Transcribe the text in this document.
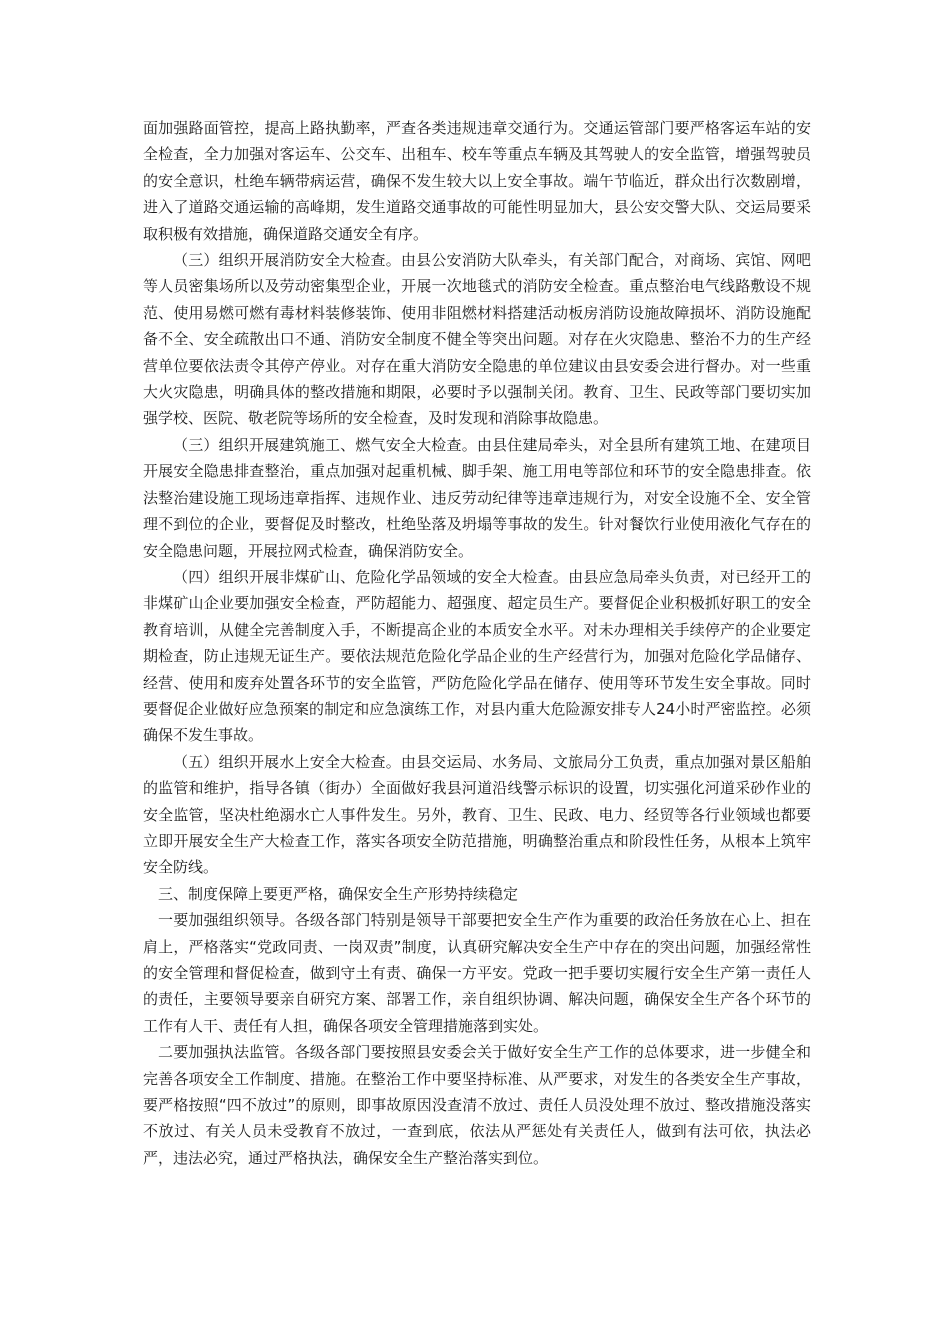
面加强路面管控，提高上路执勤率，严查各类违规违章交通行为。交通运管部门要严格客运车站的安全检查，全力加强对客运车、公交车、出租车、校车等重点车辆及其驾驶人的安全监管，增强驾驶员的安全意识，杜绝车辆带病运营，确保不发生较大以上安全事故。端午节临近，群众出行次数剧增，进入了道路交通运输的高峰期，发生道路交通事故的可能性明显加大，县公安交警大队、交运局要采取积极有效措施，确保道路交通安全有序。

（三）组织开展消防安全大检查。由县公安消防大队牵头，有关部门配合，对商场、宾馆、网吧等人员密集场所以及劳动密集型企业，开展一次地毯式的消防安全检查。重点整治电气线路敷设不规范、使用易燃可燃有毒材料装修装饰、使用非阻燃材料搭建活动板房消防设施故障损坏、消防设施配备不全、安全疏散出口不通、消防安全制度不健全等突出问题。对存在火灾隐患、整治不力的生产经营单位要依法责令其停产停业。对存在重大消防安全隐患的单位建议由县安委会进行督办。对一些重大火灾隐患，明确具体的整改措施和期限，必要时予以强制关闭。教育、卫生、民政等部门要切实加强学校、医院、敬老院等场所的安全检查，及时发现和消除事故隐患。

（三）组织开展建筑施工、燃气安全大检查。由县住建局牵头，对全县所有建筑工地、在建项目开展安全隐患排查整治，重点加强对起重机械、脚手架、施工用电等部位和环节的安全隐患排查。依法整治建设施工现场违章指挥、违规作业、违反劳动纪律等违章违规行为，对安全设施不全、安全管理不到位的企业，要督促及时整改，杜绝坠落及坍塌等事故的发生。针对餐饮行业使用液化气存在的安全隐患问题，开展拉网式检查，确保消防安全。

（四）组织开展非煤矿山、危险化学品领域的安全大检查。由县应急局牵头负责，对已经开工的非煤矿山企业要加强安全检查，严防超能力、超强度、超定员生产。要督促企业积极抓好职工的安全教育培训，从健全完善制度入手，不断提高企业的本质安全水平。对未办理相关手续停产的企业要定期检查，防止违规无证生产。要依法规范危险化学品企业的生产经营行为，加强对危险化学品储存、经营、使用和废弃处置各环节的安全监管，严防危险化学品在储存、使用等环节发生安全事故。同时要督促企业做好应急预案的制定和应急演练工作，对县内重大危险源安排专人24小时严密监控。必须确保不发生事故。

（五）组织开展水上安全大检查。由县交运局、水务局、文旅局分工负责，重点加强对景区船舶的监管和维护，指导各镇（街办）全面做好我县河道沿线警示标识的设置，切实强化河道采砂作业的安全监管，坚决杜绝溺水亡人事件发生。另外，教育、卫生、民政、电力、经贸等各行业领域也都要立即开展安全生产大检查工作，落实各项安全防范措施，明确整治重点和阶段性任务，从根本上筑牢安全防线。

三、制度保障上要更严格，确保安全生产形势持续稳定

一要加强组织领导。各级各部门特别是领导干部要把安全生产作为重要的政治任务放在心上、担在肩上，严格落实“党政同责、一岗双责”制度，认真研究解决安全生产中存在的突出问题，加强经常性的安全管理和督促检查，做到守土有责、确保一方平安。党政一把手要切实履行安全生产第一责任人的责任，主要领导要亲自研究方案、部署工作，亲自组织协调、解决问题，确保安全生产各个环节的工作有人干、责任有人担，确保各项安全管理措施落到实处。

二要加强执法监管。各级各部门要按照县安委会关于做好安全生产工作的总体要求，进一步健全和完善各项安全工作制度、措施。在整治工作中要坚持标准、从严要求，对发生的各类安全生产事故，要严格按照“四不放过”的原则，即事故原因没查清不放过、责任人员没处理不放过、整改措施没落实不放过、有关人员未受教育不放过，一查到底，依法从严惩处有关责任人，做到有法可依，执法必严，违法必究，通过严格执法，确保安全生产整治落实到位。
